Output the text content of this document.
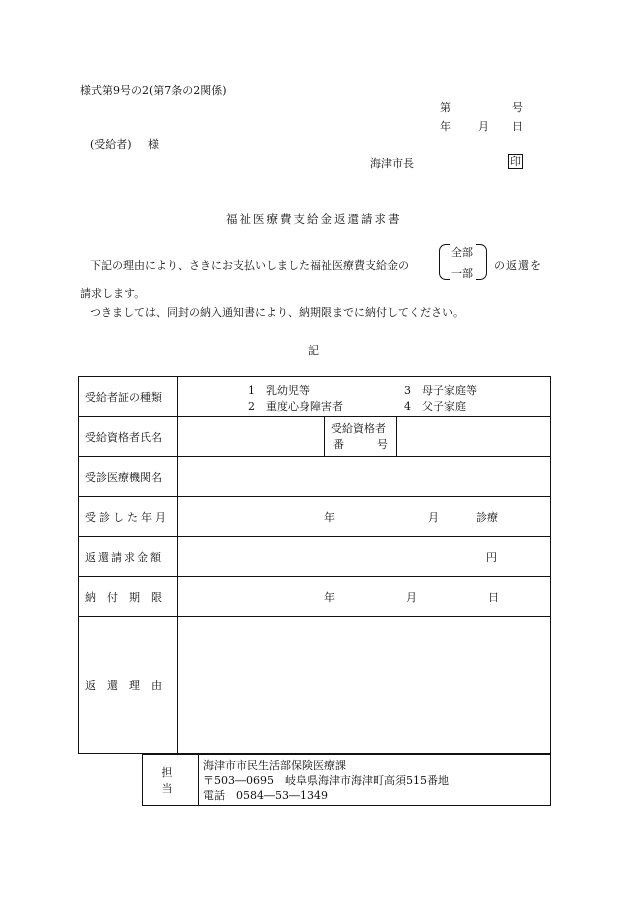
様式第9号の2(第7条の2関係)
第	号
年 月 日
(受給者) 様
海津市長	印
福祉医療費支給金返還請求書
下記の理由により、さきにお支払いしました福祉医療費支給金の
全部
一部
の返還を
請求します。
つきましては、同封の納入通知書により、納期限までに納付してください。
記
受給者証の種類	1　 乳幼児等 3　 母子家庭等
2　 重度心身障害者 4　 父子家庭		

受給資格者氏名		受給資格者
番 号	

受診医療機関名			
受診した年月	年 月 診療		

返還請求金額	円		

納付期限	年 月 日		

返還理由			
担当	
海津市市民生活部保険医療課
〒503―0695　岐阜県海津市海津町高須515番地
電話　0584―53―1349
